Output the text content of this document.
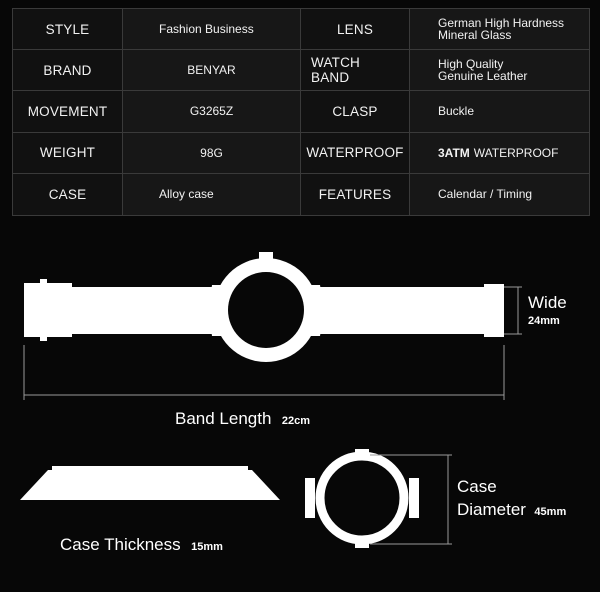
STYLE	Fashion Business	LENS	German High Hardness
Mineral Glass
BRAND	BENYAR	WATCH BAND
High Quality
Genuine Leather
MOVEMENT	G3265Z	CLASP	Buckle
WEIGHT	98G	WATERPROOF	3ATM WATERPROOF
CASE	Alloy case	FEATURES	Calendar / Timing
Wide
24mm
Band Length 22cm
Case Thickness 15mm
Case
Diameter 45mm
